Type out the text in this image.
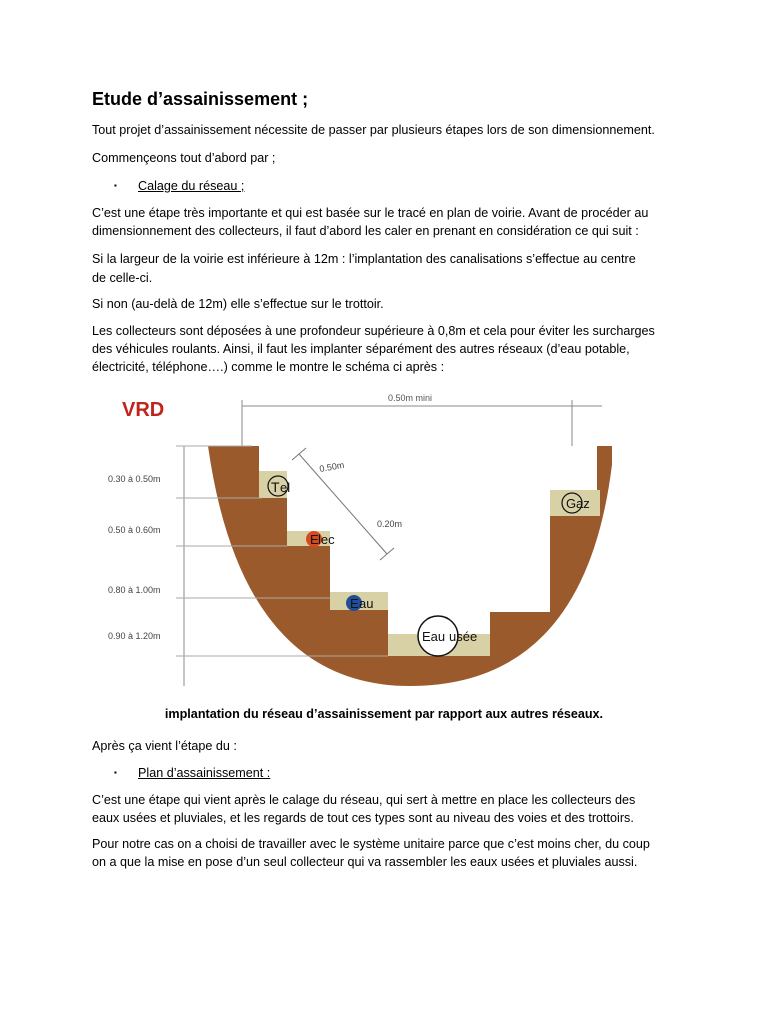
Etude d’assainissement ;

Tout projet d’assainissement nécessite de passer par plusieurs étapes lors de son dimensionnement.

Commençeons tout d’abord par ;

▪ Calage du réseau ;

C’est une étape très importante et qui est basée sur le tracé en plan de voirie. Avant de procéder au
dimensionnement des collecteurs, il faut d’abord les caler en prenant en considération ce qui suit :

Si la largeur de la voirie est inférieure à 12m : l’implantation des canalisations s’effectue au centre
de celle-ci.

Si non (au-delà de 12m) elle s’effectue sur le trottoir.

Les collecteurs sont déposées à une profondeur supérieure à 0,8m et cela pour éviter les surcharges
des véhicules roulants. Ainsi, il faut les implanter séparément des autres réseaux (d’eau potable,
électricité, téléphone….) comme le montre le schéma ci après :

VRD
0.50m mini
0.30 à 0.50m
0.50 à 0.60m
0.80 à 1.00m
0.90 à 1.20m
0.50m
0.20m
T el
E lec
E au
Eau usée
G az
implantation du réseau d’assainissement par rapport aux autres réseaux.

Après ça vient l’étape du :

▪ Plan d’assainissement :

C’est une étape qui vient après le calage du réseau, qui sert à mettre en place les collecteurs des
eaux usées et pluviales, et les regards de tout ces types sont au niveau des voies et des trottoirs.

Pour notre cas on a choisi de travailler avec le système unitaire parce que c’est moins cher, du coup
on a que la mise en pose d’un seul collecteur qui va rassembler les eaux usées et pluviales aussi.
